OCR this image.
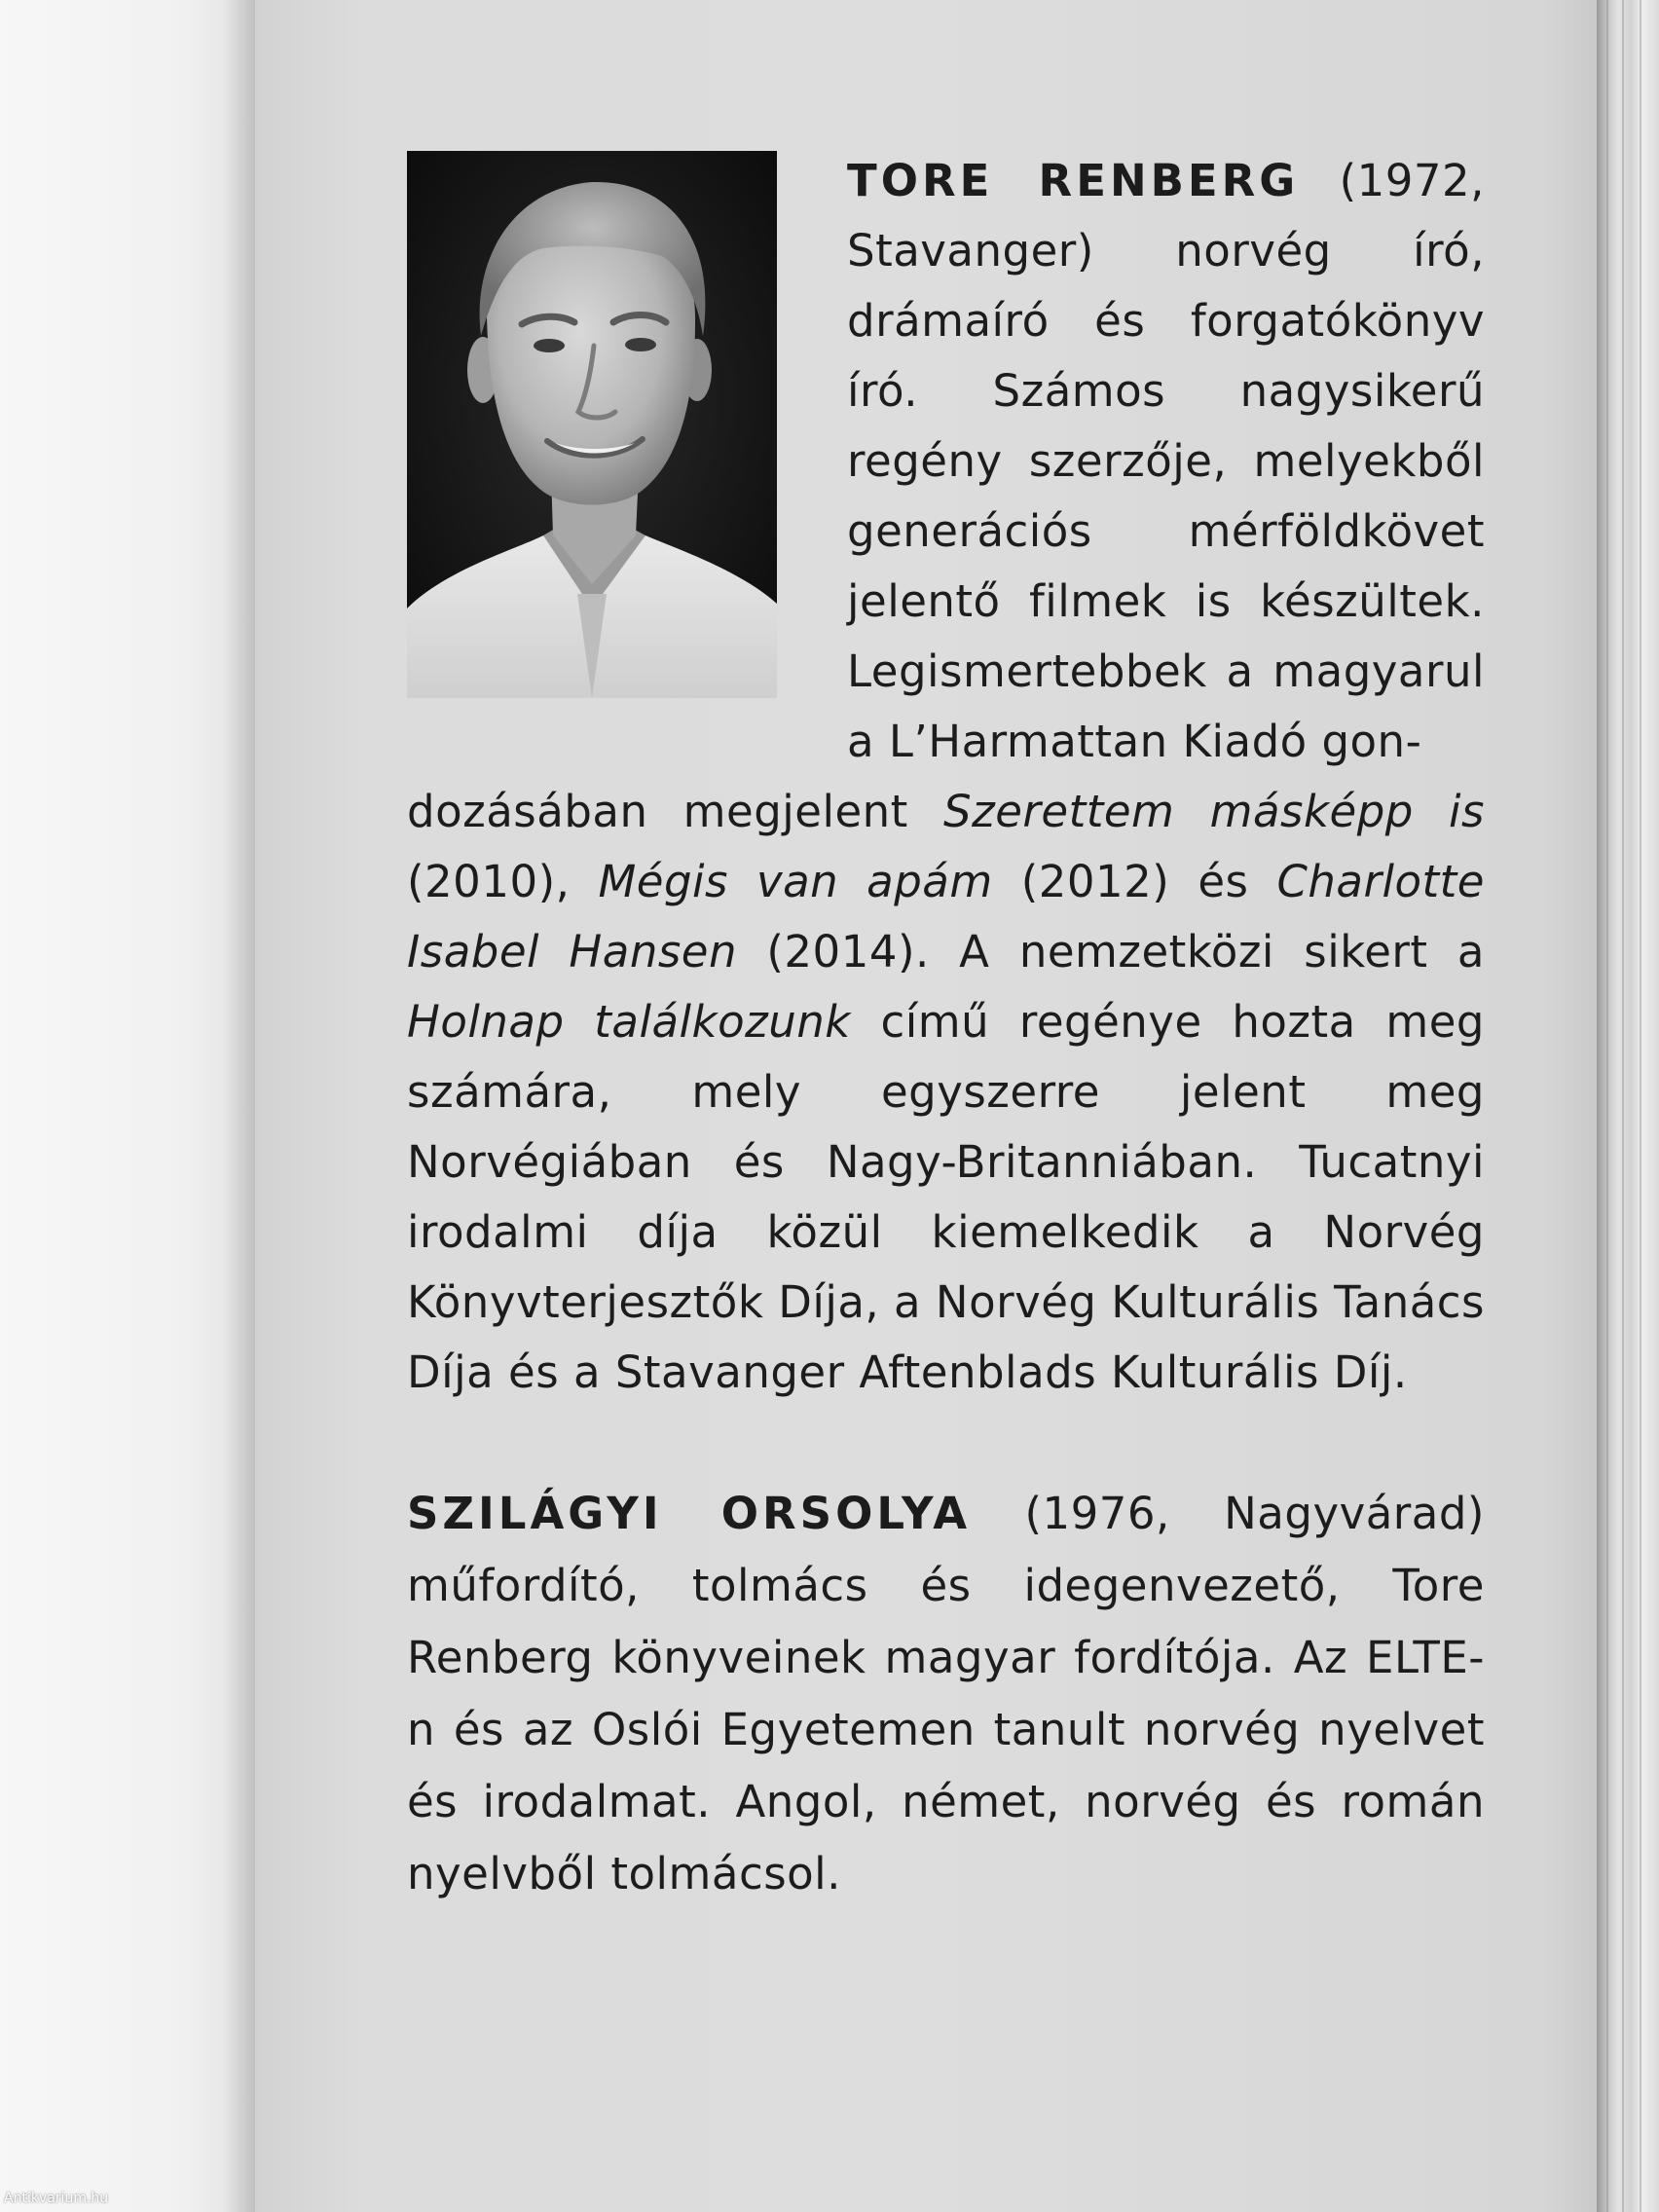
TORE RENBERG (1972, Stavanger) norvég író, drámaíró és forgatókönyv író. Számos nagysikerű regény szerzője, melyekből generációs mérföldkövet jelentő filmek is készültek. Legismertebbek a magyarul a L’Harmattan Kiadó gon-

dozásában megjelent Szerettem másképp is (2010), Mégis van apám (2012) és Charlotte Isabel Hansen (2014). A nemzetközi sikert a Holnap találkozunk című regénye hozta meg számára, mely egyszerre jelent meg Norvégiában és Nagy-Britanniában. Tucatnyi irodalmi díja közül kiemelkedik a Norvég Könyvterjesztők Díja, a Norvég Kulturális Tanács Díja és a Stavanger Aftenblads Kulturális Díj.

SZILÁGYI ORSOLYA (1976, Nagyvárad) műfordító, tolmács és idegenvezető, Tore Renberg könyveinek magyar fordítója. Az ELTE-n és az Oslói Egyetemen tanult norvég nyelvet és irodalmat. Angol, német, norvég és román nyelvből tolmácsol.

Antikvarium.hu
